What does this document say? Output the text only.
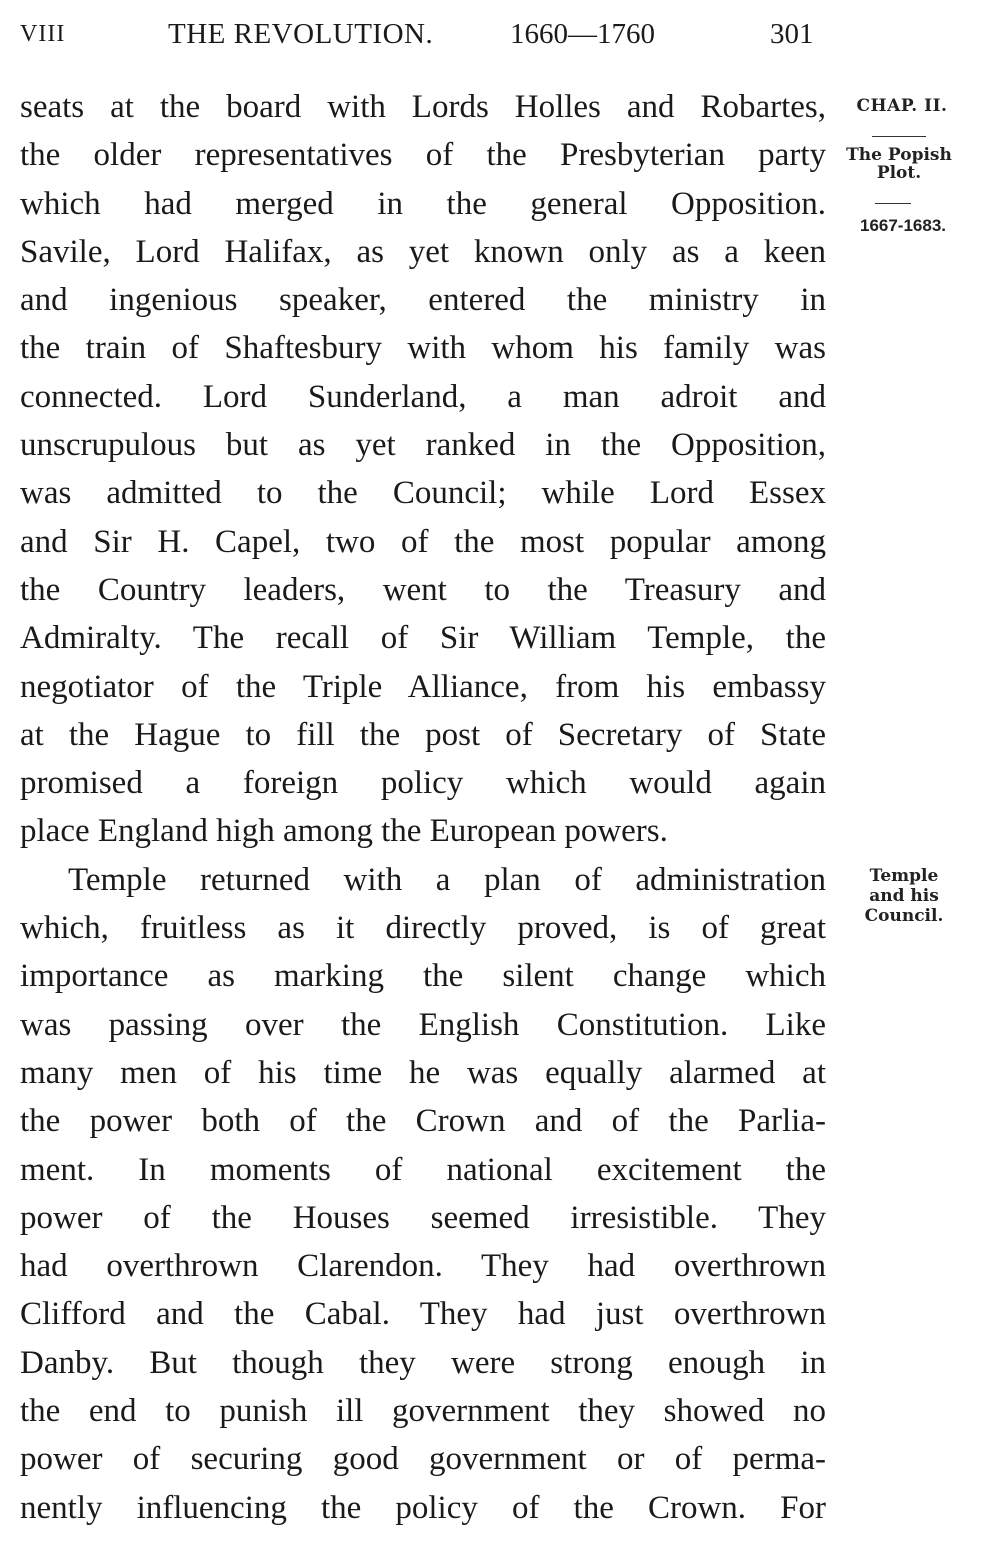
VIII	THE REVOLUTION.	1660—1760	301
seats at the board with Lords Holles and Robartes,
the older representatives of the Presbyterian party
which had merged in the general Opposition.
Savile, Lord Halifax, as yet known only as a keen
and ingenious speaker, entered the ministry in
the train of Shaftesbury with whom his family was
connected. Lord Sunderland, a man adroit and
unscrupulous but as yet ranked in the Opposition,
was admitted to the Council; while Lord Essex
and Sir H. Capel, two of the most popular among
the Country leaders, went to the Treasury and
Admiralty. The recall of Sir William Temple, the
negotiator of the Triple Alliance, from his embassy
at the Hague to fill the post of Secretary of State
promised a foreign policy which would again
place England high among the European powers.
Temple returned with a plan of administration
which, fruitless as it directly proved, is of great
importance as marking the silent change which
was passing over the English Constitution. Like
many men of his time he was equally alarmed at
the power both of the Crown and of the Parlia-
ment. In moments of national excitement the
power of the Houses seemed irresistible. They
had overthrown Clarendon. They had overthrown
Clifford and the Cabal. They had just overthrown
Danby. But though they were strong enough in
the end to punish ill government they showed no
power of securing good government or of perma-
nently influencing the policy of the Crown. For
CHAP. II.
The Popish
Plot.
1667-1683.
Temple
and his
Council.
